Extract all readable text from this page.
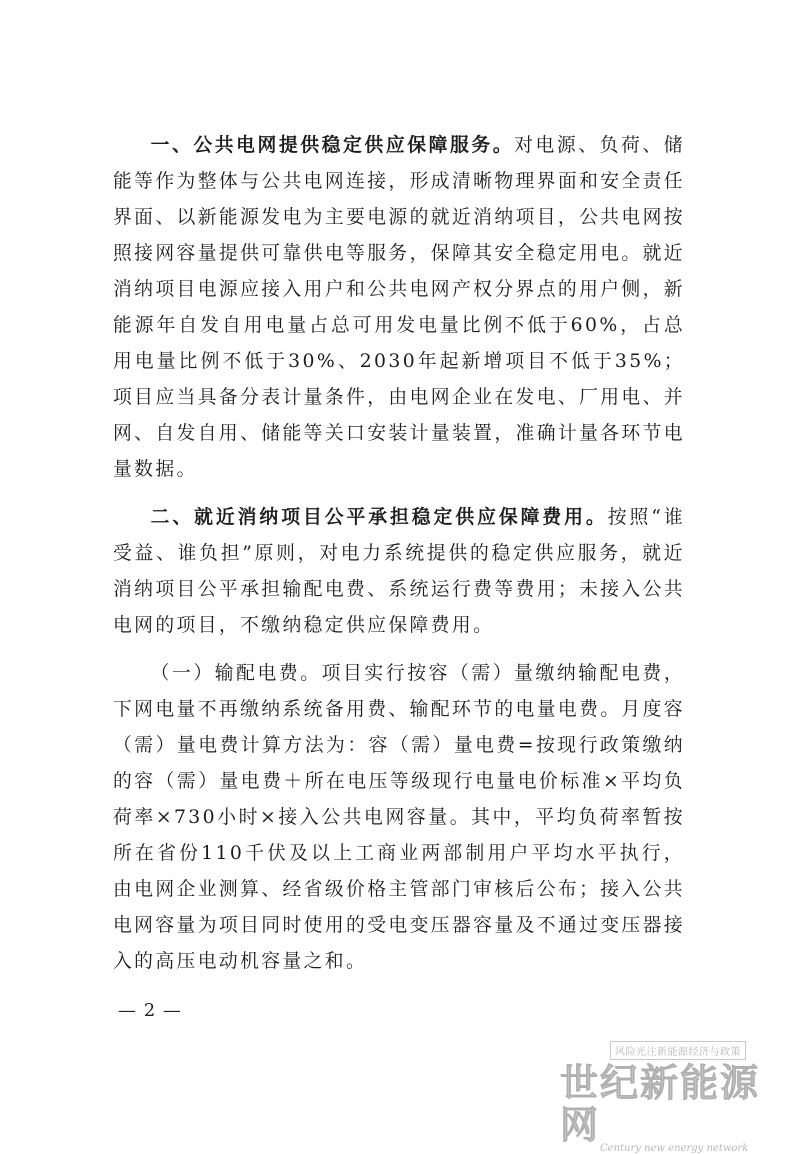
一、公共电网提供稳定供应保障服务。对电源、负荷、储能等作为整体与公共电网连接，形成清晰物理界面和安全责任界面、以新能源发电为主要电源的就近消纳项目，公共电网按照接网容量提供可靠供电等服务，保障其安全稳定用电。就近消纳项目电源应接入用户和公共电网产权分界点的用户侧，新能源年自发自用电量占总可用发电量比例不低于60%，占总用电量比例不低于30%、2030年起新增项目不低于35%；项目应当具备分表计量条件，由电网企业在发电、厂用电、并网、自发自用、储能等关口安装计量装置，准确计量各环节电量数据。

二、就近消纳项目公平承担稳定供应保障费用。按照“谁受益、谁负担”原则，对电力系统提供的稳定供应服务，就近消纳项目公平承担输配电费、系统运行费等费用；未接入公共电网的项目，不缴纳稳定供应保障费用。

（一）输配电费。项目实行按容（需）量缴纳输配电费，下网电量不再缴纳系统备用费、输配环节的电量电费。月度容（需）量电费计算方法为：容（需）量电费=按现行政策缴纳的容（需）量电费＋所在电压等级现行电量电价标准×平均负荷率×730小时×接入公共电网容量。其中，平均负荷率暂按所在省份110千伏及以上工商业两部制用户平均水平执行，由电网企业测算、经省级价格主管部门审核后公布；接入公共电网容量为项目同时使用的受电变压器容量及不通过变压器接入的高压电动机容量之和。

— 2 —
风险光注新能源经济与政策
世纪新能源网
Century new energy network
